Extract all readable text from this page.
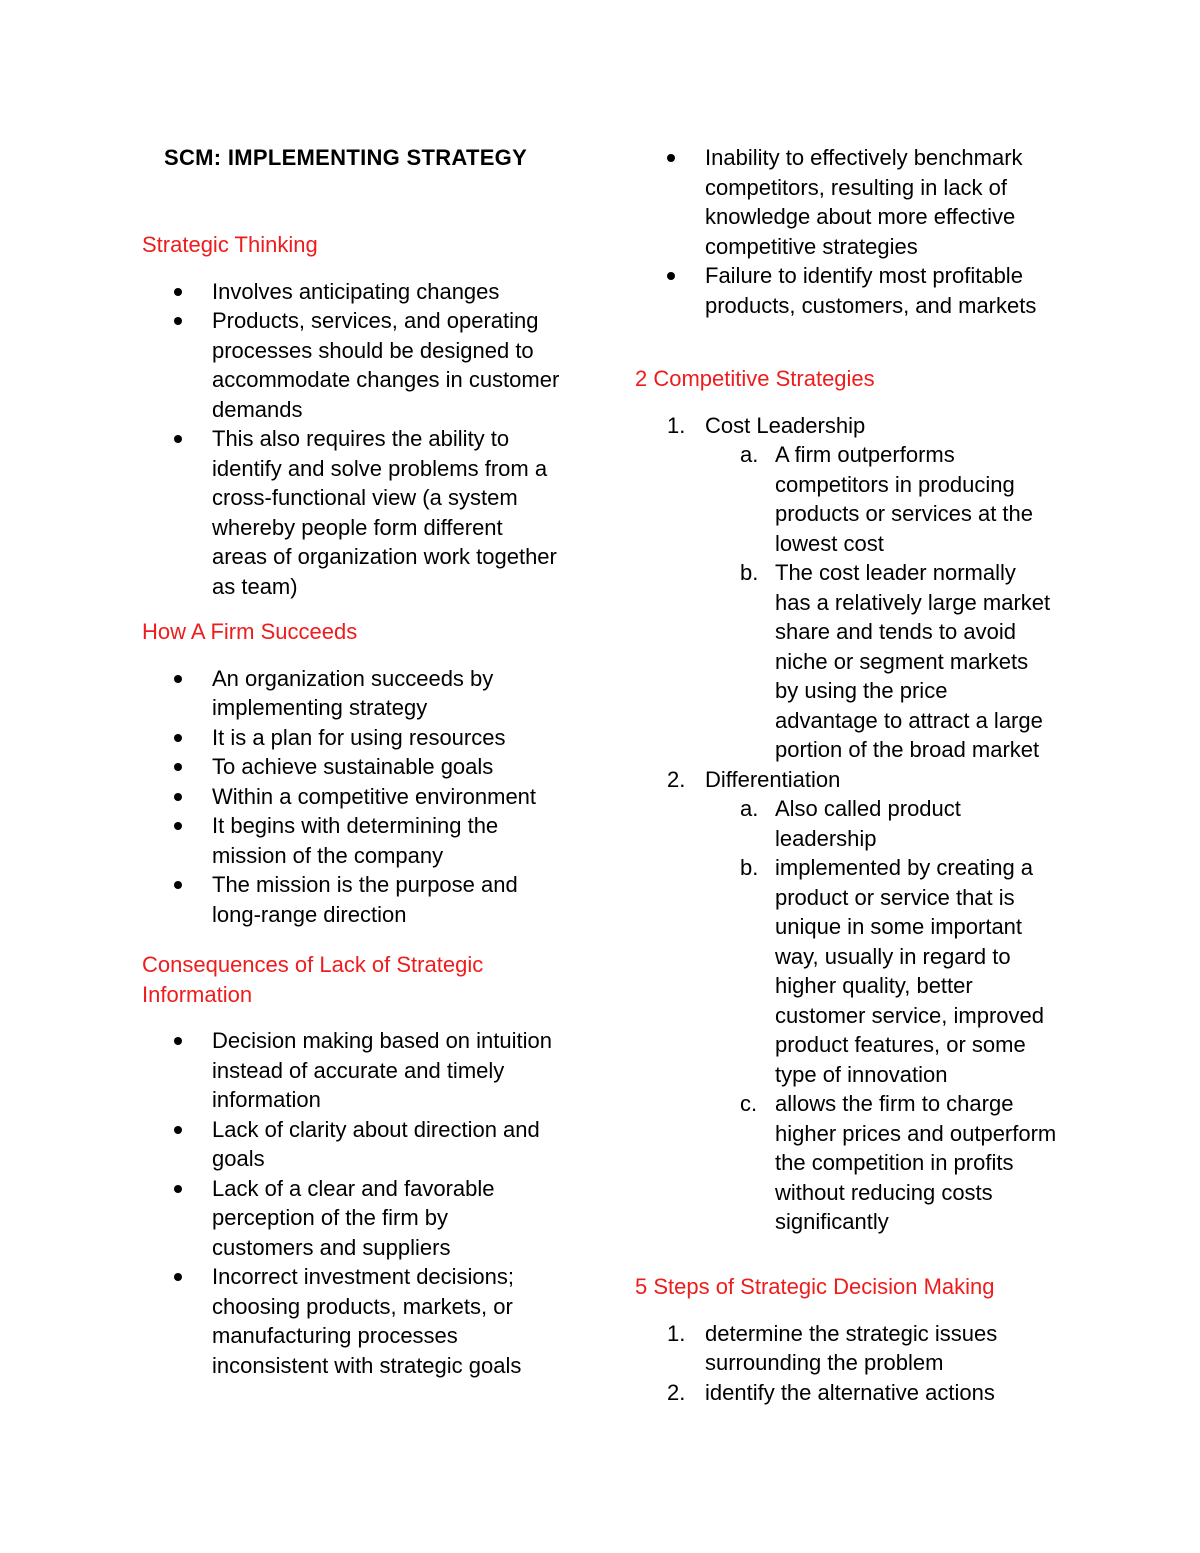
SCM: IMPLEMENTING STRATEGY
Strategic Thinking
Involves anticipating changes
Products, services, and operating processes should be designed to accommodate changes in customer demands
This also requires the ability to identify and solve problems from a cross-functional view (a system whereby people form different areas of organization work together as team)
How A Firm Succeeds
An organization succeeds by implementing strategy
It is a plan for using resources
To achieve sustainable goals
Within a competitive environment
It begins with determining the mission of the company
The mission is the purpose and long-range direction
Consequences of Lack of Strategic Information
Decision making based on intuition instead of accurate and timely information
Lack of clarity about direction and goals
Lack of a clear and favorable perception of the firm by customers and suppliers
Incorrect investment decisions; choosing products, markets, or manufacturing processes inconsistent with strategic goals
Inability to effectively benchmark competitors, resulting in lack of knowledge about more effective competitive strategies
Failure to identify most profitable products, customers, and markets
2 Competitive Strategies
1. Cost Leadership
a. A firm outperforms competitors in producing products or services at the lowest cost
b. The cost leader normally has a relatively large market share and tends to avoid niche or segment markets by using the price advantage to attract a large portion of the broad market
2. Differentiation
a. Also called product leadership
b. implemented by creating a product or service that is unique in some important way, usually in regard to higher quality, better customer service, improved product features, or some type of innovation
c. allows the firm to charge higher prices and outperform the competition in profits without reducing costs significantly
5 Steps of Strategic Decision Making
1. determine the strategic issues surrounding the problem
2. identify the alternative actions
